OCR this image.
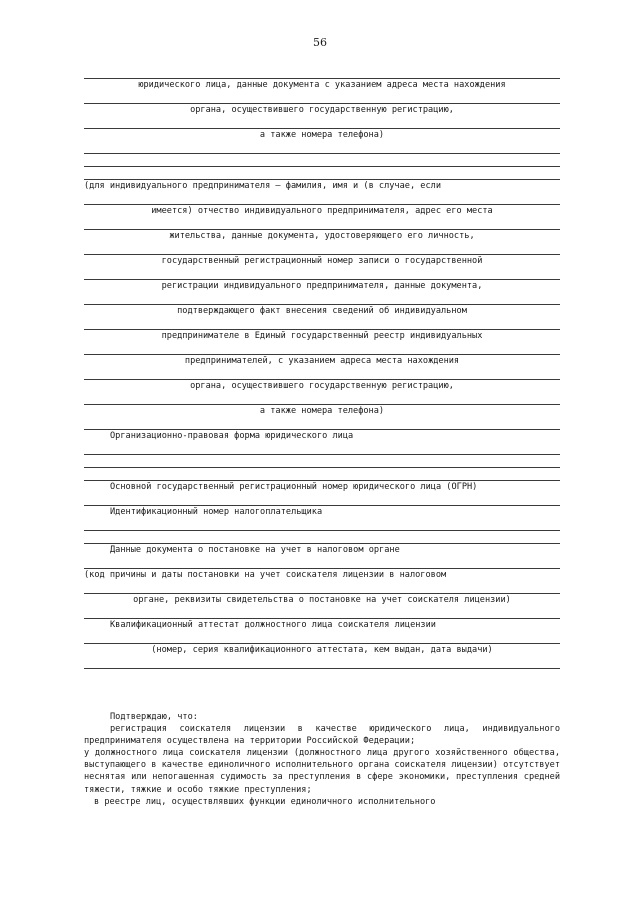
56
юридического лица, данные документа с указанием адреса места нахождения
органа, осуществившего государственную регистрацию,
а также номера телефона)
(для индивидуального предпринимателя – фамилия, имя и (в случае, если
имеется) отчество индивидуального предпринимателя, адрес его места
жительства, данные документа, удостоверяющего его личность,
государственный регистрационный номер записи о государственной
регистрации индивидуального предпринимателя, данные документа,
подтверждающего факт внесения сведений об индивидуальном
предпринимателе в Единый государственный реестр индивидуальных
предпринимателей, с указанием адреса места нахождения
органа, осуществившего государственную регистрацию,
а также номера телефона)
Организационно-правовая форма юридического лица
Основной государственный регистрационный номер юридического лица (ОГРН)
Идентификационный номер налогоплательщика
Данные документа о постановке на учет в налоговом органе
(код причины и даты постановки на учет соискателя лицензии в налоговом
органе, реквизиты свидетельства о постановке на учет соискателя лицензии)
Квалификационный аттестат должностного лица соискателя лицензии
(номер, серия квалификационного аттестата, кем выдан, дата выдачи)
Подтверждаю, что:
регистрация соискателя лицензии в качестве юридического лица, индивидуального предпринимателя осуществлена на территории Российской Федерации;
у должностного лица соискателя лицензии (должностного лица другого хозяйственного общества, выступающего в качестве единоличного исполнительного органа соискателя лицензии) отсутствует неснятая или непогашенная судимость за преступления в сфере экономики, преступления средней тяжести, тяжкие и особо тяжкие преступления;
в реестре лиц, осуществлявших функции единоличного исполнительного
